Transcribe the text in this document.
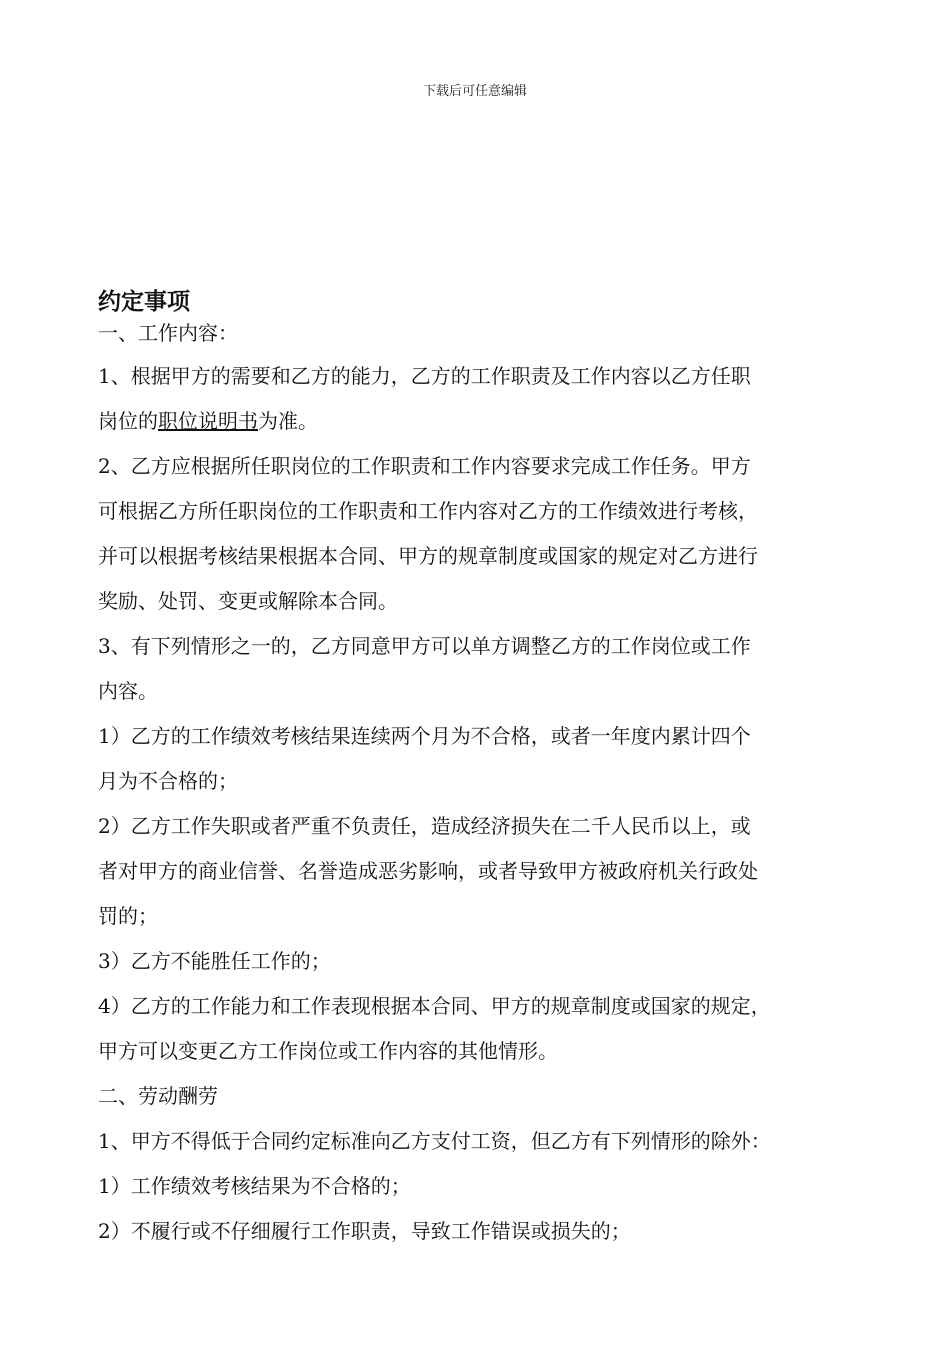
下载后可任意编辑
约定事项

一、工作内容：

1、根据甲方的需要和乙方的能力，乙方的工作职责及工作内容以乙方任职

岗位的职位说明书为准。

2、乙方应根据所任职岗位的工作职责和工作内容要求完成工作任务。甲方

可根据乙方所任职岗位的工作职责和工作内容对乙方的工作绩效进行考核，

并可以根据考核结果根据本合同、甲方的规章制度或国家的规定对乙方进行

奖励、处罚、变更或解除本合同。

3、有下列情形之一的，乙方同意甲方可以单方调整乙方的工作岗位或工作

内容。

1）乙方的工作绩效考核结果连续两个月为不合格，或者一年度内累计四个

月为不合格的；

2）乙方工作失职或者严重不负责任，造成经济损失在二千人民币以上，或

者对甲方的商业信誉、名誉造成恶劣影响，或者导致甲方被政府机关行政处

罚的；

3）乙方不能胜任工作的；

4）乙方的工作能力和工作表现根据本合同、甲方的规章制度或国家的规定，

甲方可以变更乙方工作岗位或工作内容的其他情形。

二、劳动酬劳

1、甲方不得低于合同约定标准向乙方支付工资，但乙方有下列情形的除外：

1）工作绩效考核结果为不合格的；

2）不履行或不仔细履行工作职责，导致工作错误或损失的；
